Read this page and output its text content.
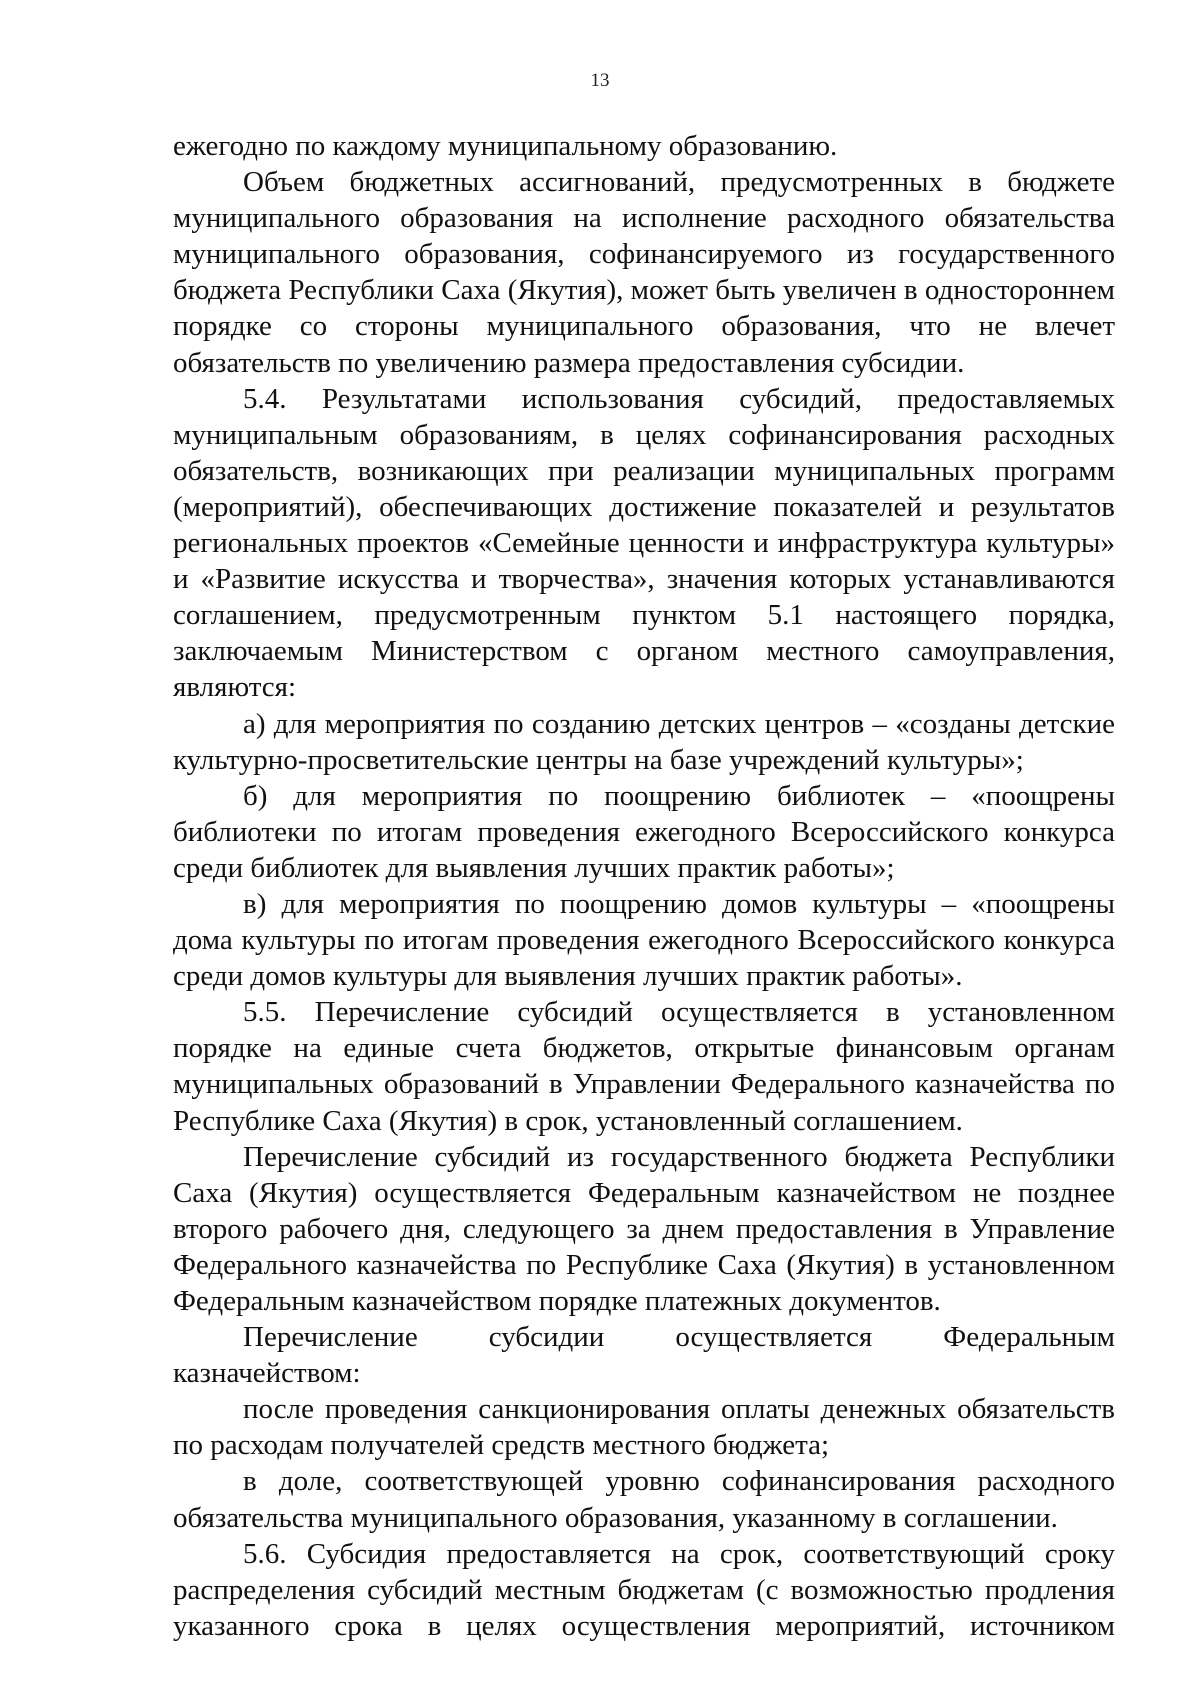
13

ежегодно по каждому муниципальному образованию.

Объем бюджетных ассигнований, предусмотренных в бюджете муниципального образования на исполнение расходного обязательства муниципального образования, софинансируемого из государственного бюджета Республики Саха (Якутия), может быть увеличен в одностороннем порядке со стороны муниципального образования, что не влечет обязательств по увеличению размера предоставления субсидии.

5.4. Результатами использования субсидий, предоставляемых муниципальным образованиям, в целях софинансирования расходных обязательств, возникающих при реализации муниципальных программ (мероприятий), обеспечивающих достижение показателей и результатов региональных проектов «Семейные ценности и инфраструктура культуры» и «Развитие искусства и творчества», значения которых устанавливаются соглашением, предусмотренным пунктом 5.1 настоящего порядка, заключаемым Министерством с органом местного самоуправления, являются:

а) для мероприятия по созданию детских центров – «созданы детские культурно-просветительские центры на базе учреждений культуры»;

б) для мероприятия по поощрению библиотек – «поощрены библиотеки по итогам проведения ежегодного Всероссийского конкурса среди библиотек для выявления лучших практик работы»;

в) для мероприятия по поощрению домов культуры – «поощрены дома культуры по итогам проведения ежегодного Всероссийского конкурса среди домов культуры для выявления лучших практик работы».

5.5. Перечисление субсидий осуществляется в установленном порядке на единые счета бюджетов, открытые финансовым органам муниципальных образований в Управлении Федерального казначейства по Республике Саха (Якутия) в срок, установленный соглашением.

Перечисление субсидий из государственного бюджета Республики Саха (Якутия) осуществляется Федеральным казначейством не позднее второго рабочего дня, следующего за днем предоставления в Управление Федерального казначейства по Республике Саха (Якутия) в установленном Федеральным казначейством порядке платежных документов.

Перечисление субсидии осуществляется Федеральным казначейством:

после проведения санкционирования оплаты денежных обязательств по расходам получателей средств местного бюджета;

в доле, соответствующей уровню софинансирования расходного обязательства муниципального образования, указанному в соглашении.

5.6. Субсидия предоставляется на срок, соответствующий сроку распределения субсидий местным бюджетам (с возможностью продления указанного срока в целях осуществления мероприятий, источником
